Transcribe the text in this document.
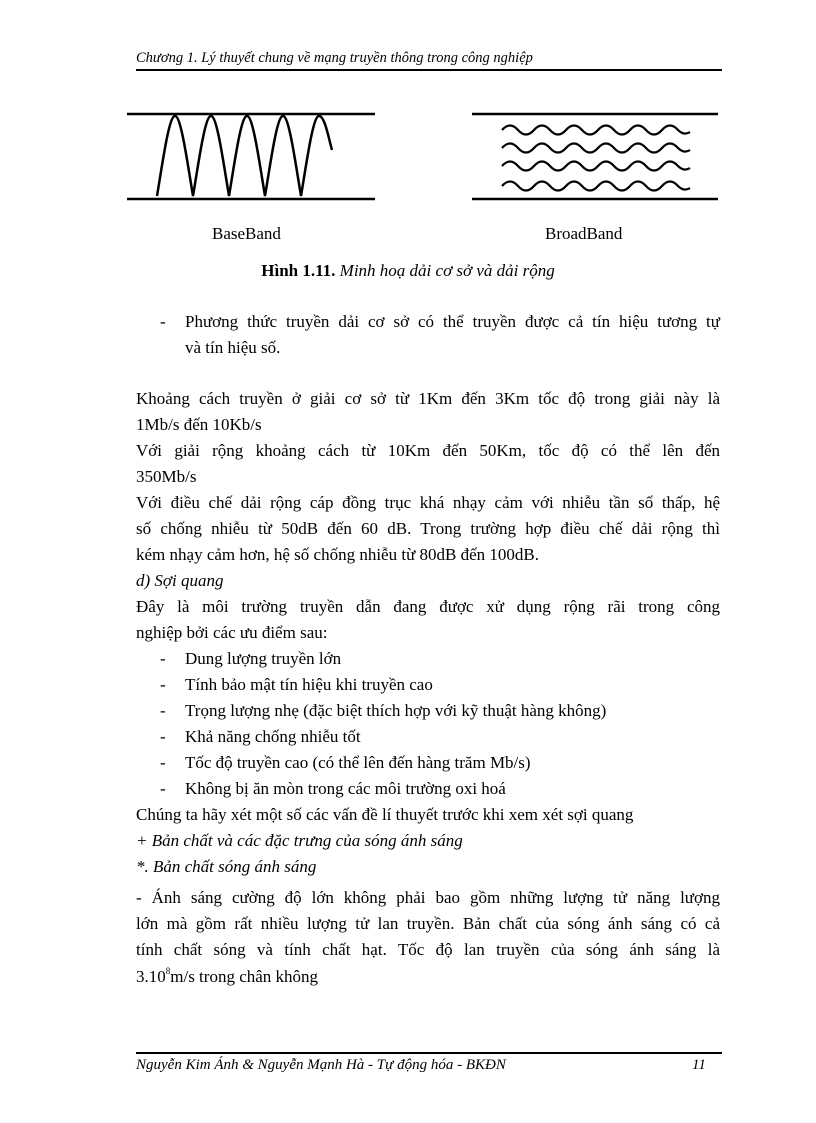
Chương 1. Lý thuyết chung về mạng truyền thông trong công nghiệp
BaseBand	BroadBand
Hình 1.11. Minh hoạ dải cơ sở và dải rộng
- Phương thức truyền dải cơ sở có thể truyền được cả tín hiệu tương tự
và tín hiệu số.
Khoảng cách truyền ở giải cơ sở từ 1Km đến 3Km tốc độ trong giải này là
1Mb/s đến 10Kb/s
Với giải rộng khoảng cách từ 10Km đến 50Km, tốc độ có thể lên đến
350Mb/s
Với điều chế dải rộng cáp đồng trục khá nhạy cảm với nhiễu tần số thấp, hệ
số chống nhiễu từ 50dB đến 60 dB. Trong trường hợp điều chế dải rộng thì
kém nhạy cảm hơn, hệ số chống nhiễu từ 80dB đến 100dB.
d) Sợi quang
Đây là môi trường truyền dẫn đang được xử dụng rộng rãi trong công
nghiệp bởi các ưu điểm sau:
- Dung lượng truyền lớn
- Tính bảo mật tín hiệu khi truyền cao
- Trọng lượng nhẹ (đặc biệt thích hợp với kỹ thuật hàng không)
- Khả năng chống nhiễu tốt
- Tốc độ truyền cao (có thể lên đến hàng trăm Mb/s)
- Không bị ăn mòn trong các môi trường oxi hoá
Chúng ta hãy xét một số các vấn đề lí thuyết trước khi xem xét sợi quang
+ Bản chất và các đặc trưng của sóng ánh sáng
*. Bản chất sóng ánh sáng
- Ánh sáng cường độ lớn không phải bao gồm những lượng tử năng lượng
lớn mà gồm rất nhiều lượng tử lan truyền. Bản chất của sóng ánh sáng có cả
tính chất sóng và tính chất hạt. Tốc độ lan truyền của sóng ánh sáng là
3.10$^8$m/s trong chân không
Nguyễn Kim Ánh & Nguyễn Mạnh Hà - Tự động hóa - BKĐN	11
